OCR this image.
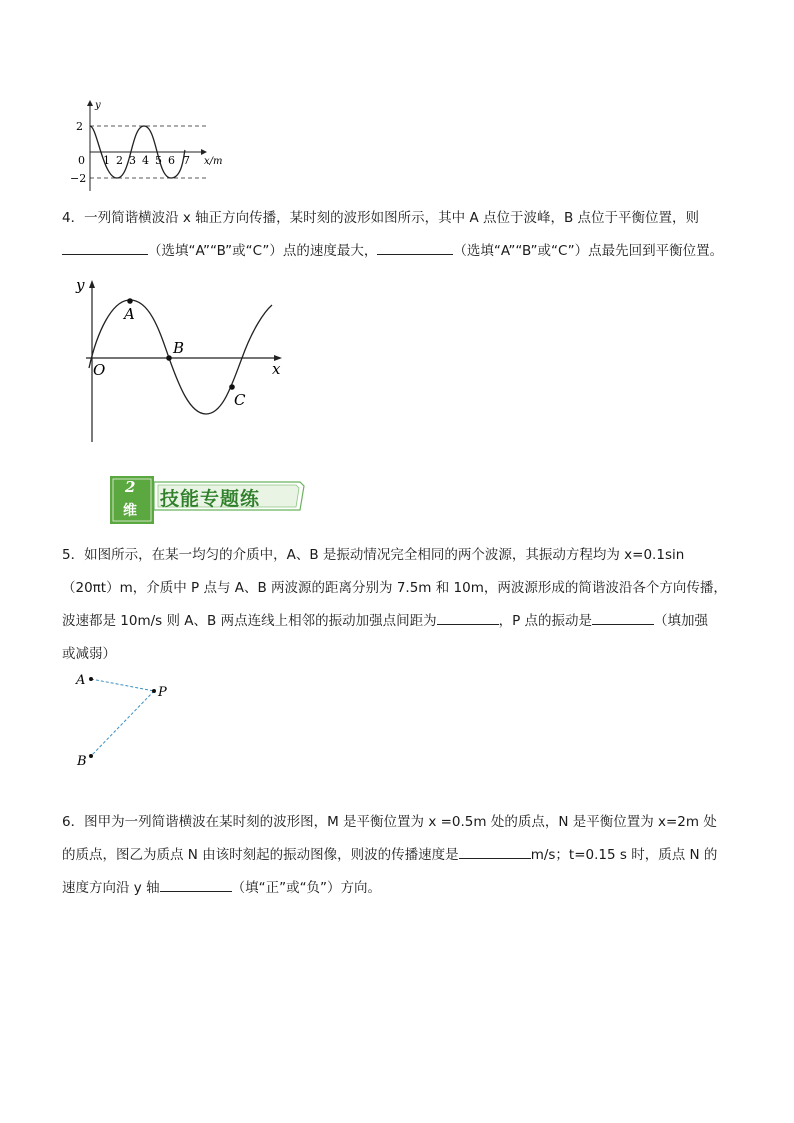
y
x/m
2
−2
0 1 2 3 4 5 6 7
4．一列简谐横波沿 x 轴正方向传播，某时刻的波形如图所示，其中 A 点位于波峰，B 点位于平衡位置，则
（选填“A”“B”或“C”）点的速度最大，	（选填“A”“B”或“C”）点最先回到平衡位置。
y
x
O
A
B
C
2
维
技能专题练
5．如图所示，在某一均匀的介质中，A、B 是振动情况完全相同的两个波源，其振动方程均为 x=0.1sin
（20πt）m，介质中 P 点与 A、B 两波源的距离分别为 7.5m 和 10m，两波源形成的简谐波沿各个方向传播，
波速都是 10m/s 则 A、B 两点连线上相邻的振动加强点间距为	，P 点的振动是	（填加强
或减弱）
A
P
B
6．图甲为一列简谐横波在某时刻的波形图，M 是平衡位置为 x =0.5m 处的质点，N 是平衡位置为 x=2m 处
的质点，图乙为质点 N 由该时刻起的振动图像，则波的传播速度是	m/s；t=0.15 s 时，质点 N 的
速度方向沿 y 轴	（填“正”或“负”）方向。
